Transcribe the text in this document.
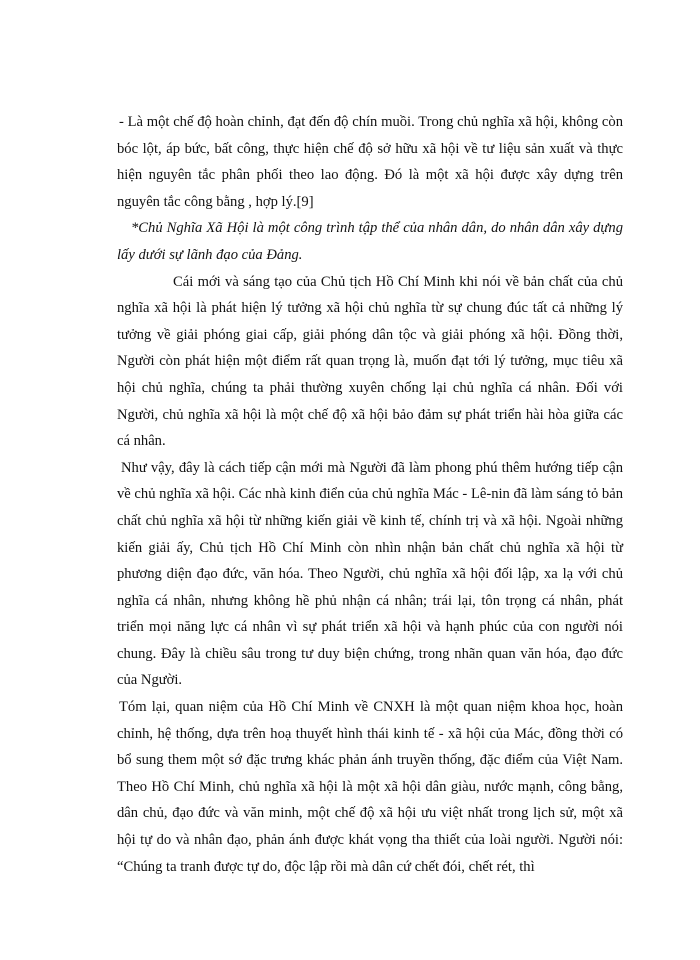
- Là một chế độ hoàn chỉnh, đạt đến độ chín muồi. Trong chủ nghĩa xã hội, không còn bóc lột, áp bức, bất công, thực hiện chế độ sở hữu xã hội về tư liệu sản xuất và thực hiện nguyên tắc phân phối theo lao động. Đó là một xã hội được xây dựng trên nguyên tắc công bằng , hợp lý.[9]

*Chủ Nghĩa Xã Hội là một công trình tập thể của nhân dân, do nhân dân xây dựng lấy dưới sự lãnh đạo của Đảng.

Cái mới và sáng tạo của Chủ tịch Hồ Chí Minh khi nói về bản chất của chủ nghĩa xã hội là phát hiện lý tưởng xã hội chủ nghĩa từ sự chung đúc tất cả những lý tưởng về giải phóng giai cấp, giải phóng dân tộc và giải phóng xã hội. Đồng thời, Người còn phát hiện một điểm rất quan trọng là, muốn đạt tới lý tưởng, mục tiêu xã hội chủ nghĩa, chúng ta phải thường xuyên chống lại chủ nghĩa cá nhân. Đối với Người, chủ nghĩa xã hội là một chế độ xã hội bảo đảm sự phát triển hài hòa giữa các cá nhân.

Như vậy, đây là cách tiếp cận mới mà Người đã làm phong phú thêm hướng tiếp cận về chủ nghĩa xã hội. Các nhà kinh điển của chủ nghĩa Mác - Lê-nin đã làm sáng tỏ bản chất chủ nghĩa xã hội từ những kiến giải về kinh tế, chính trị và xã hội. Ngoài những kiến giải ấy, Chủ tịch Hồ Chí Minh còn nhìn nhận bản chất chủ nghĩa xã hội từ phương diện đạo đức, văn hóa. Theo Người, chủ nghĩa xã hội đối lập, xa lạ với chủ nghĩa cá nhân, nhưng không hề phủ nhận cá nhân; trái lại, tôn trọng cá nhân, phát triển mọi năng lực cá nhân vì sự phát triển xã hội và hạnh phúc của con người nói chung. Đây là chiều sâu trong tư duy biện chứng, trong nhãn quan văn hóa, đạo đức của Người.

Tóm lại, quan niệm của Hồ Chí Minh về CNXH là một quan niệm khoa học, hoàn chỉnh, hệ thống, dựa trên hoạ thuyết hình thái kinh tế - xã hội của Mác, đồng thời có bổ sung them một sớ đặc trưng khác phản ánh truyền thống, đặc điểm của Việt Nam. Theo Hồ Chí Minh, chủ nghĩa xã hội là một xã hội dân giàu, nước mạnh, công bằng, dân chủ, đạo đức và văn minh, một chế độ xã hội ưu việt nhất trong lịch sử, một xã hội tự do và nhân đạo, phản ánh được khát vọng tha thiết của loài người. Người nói: “Chúng ta tranh được tự do, độc lập rồi mà dân cứ chết đói, chết rét, thì
